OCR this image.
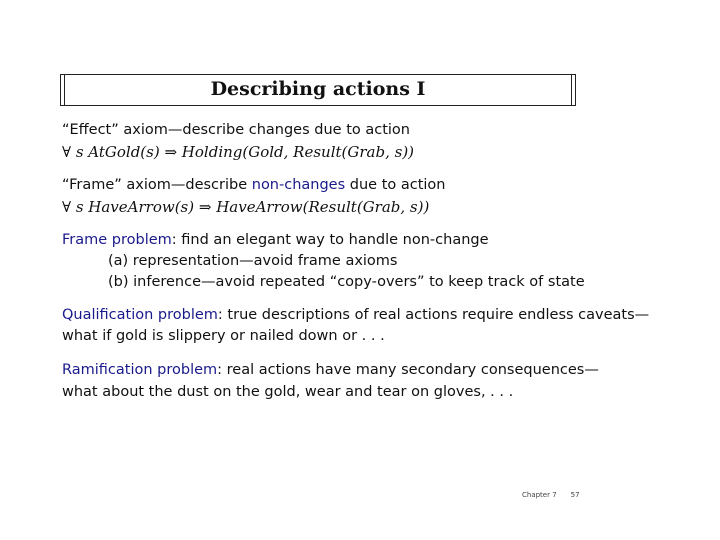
Describing actions I
“Effect” axiom—describe changes due to action
∀ s AtGold(s) ⇒ Holding(Gold, Result(Grab, s))
“Frame” axiom—describe non-changes due to action
∀ s HaveArrow(s) ⇒ HaveArrow(Result(Grab, s))
Frame problem: find an elegant way to handle non-change
(a) representation—avoid frame axioms
(b) inference—avoid repeated “copy-overs” to keep track of state
Qualification problem: true descriptions of real actions require endless caveats—
what if gold is slippery or nailed down or . . .
Ramification problem: real actions have many secondary consequences—
what about the dust on the gold, wear and tear on gloves, . . .
Chapter 7 57
